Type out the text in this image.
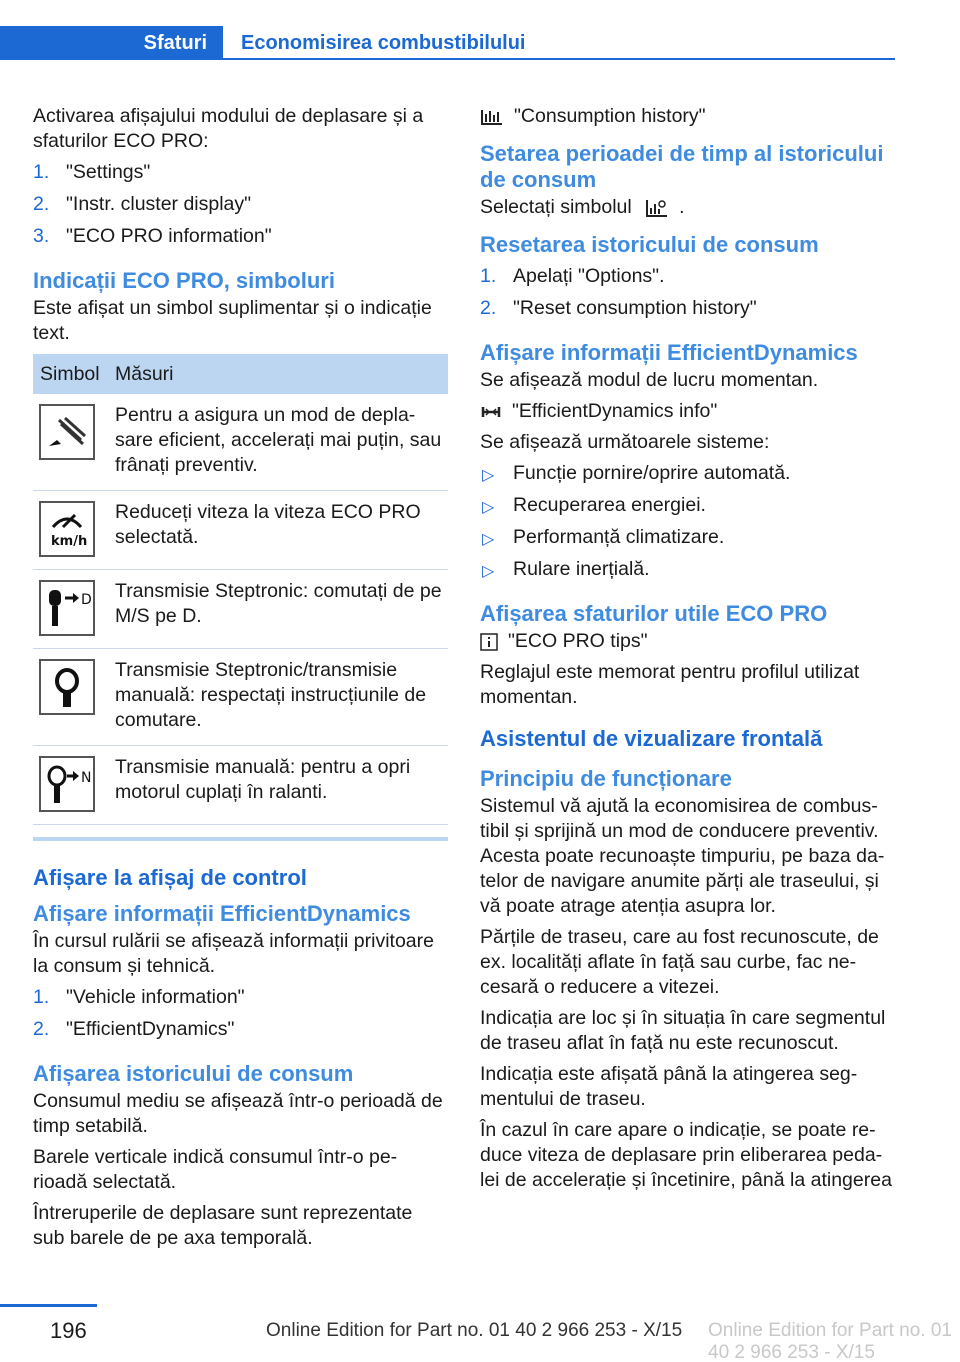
Sfaturi Economisirea combustibilului

Activarea afișajului modului de deplasare și a sfaturilor ECO PRO:

1. "Settings"
2. "Instr. cluster display"
3. "ECO PRO information"
Indicații ECO PRO, simboluri

Este afișat un simbol suplimentar și o indicație text.

Simbol Măsuri
Pentru a asigura un mod de depla-sare eficient, accelerați mai puțin, sau frânați preventiv.
km/h
Reduceți viteza la viteza ECO PRO selectată.
D Transmisie Steptronic: comutați de pe M/S pe D.
Transmisie Steptronic/transmisie manuală: respectați instrucțiunile de comutare.
N Transmisie manuală: pentru a opri motorul cuplați în ralanti.
Afișare la afișaj de control
Afișare informații EfficientDynamics

În cursul rulării se afișează informații privitoare la consum și tehnică.

1. "Vehicle information"
2. "EfficientDynamics"
Afișarea istoricului de consum

Consumul mediu se afișează într-o perioadă de timp setabilă.

Barele verticale indică consumul într-o pe-rioadă selectată.

Întreruperile de deplasare sunt reprezentate sub barele de pe axa temporală.

"Consumption history"

Setarea perioadei de timp al istoricului de consum

Selectați simbolul .

Resetarea istoricului de consum
1. Apelați "Options".
2. "Reset consumption history"
Afișare informații EfficientDynamics

Se afișează modul de lucru momentan.

"EfficientDynamics info"

Se afișează următoarele sisteme:

▷ Funcție pornire/oprire automată.
▷ Recuperarea energiei.
▷ Performanță climatizare.
▷ Rulare inerțială.
Afișarea sfaturilor utile ECO PRO

"ECO PRO tips"

Reglajul este memorat pentru profilul utilizat momentan.

Asistentul de vizualizare frontală
Principiu de funcționare

Sistemul vă ajută la economisirea de combus-tibil și sprijină un mod de conducere preventiv. Acesta poate recunoaște timpuriu, pe baza da-telor de navigare anumite părți ale traseului, și vă poate atrage atenția asupra lor.

Părțile de traseu, care au fost recunoscute, de ex. localități aflate în față sau curbe, fac ne-cesară o reducere a vitezei.

Indicația are loc și în situația în care segmentul de traseu aflat în față nu este recunoscut.

Indicația este afișată până la atingerea seg-mentului de traseu.

În cazul în care apare o indicație, se poate re-duce viteza de deplasare prin eliberarea peda-lei de accelerație și încetinire, până la atingerea

196	Online Edition for Part no. 01 40 2 966 253 - X/15 Online Edition for Part no. 01 40 2 966 253 - X/15
